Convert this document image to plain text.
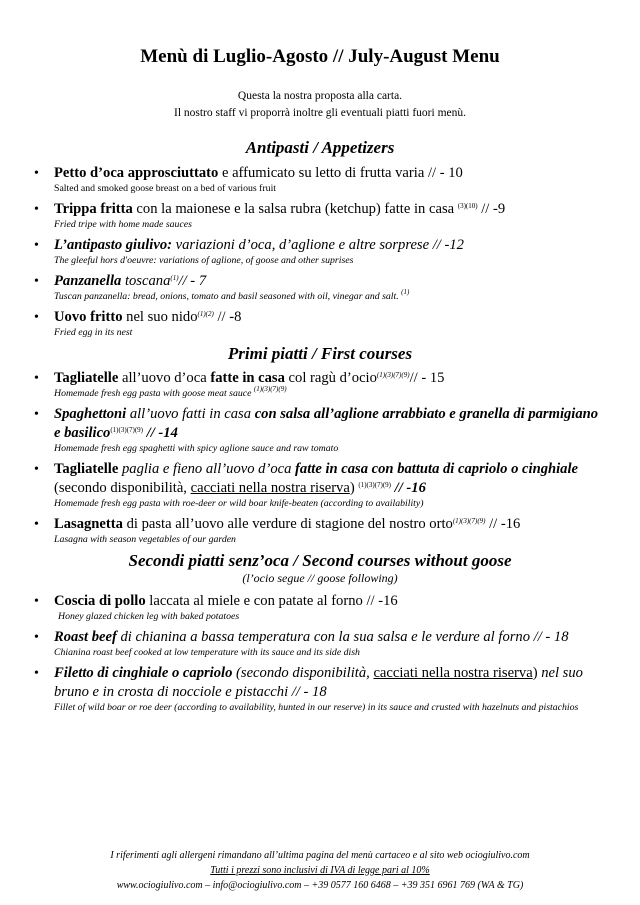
Menù di Luglio-Agosto // July-August Menu
Questa la nostra proposta alla carta.
Il nostro staff vi proporrà inoltre gli eventuali piatti fuori menù.
Antipasti / Appetizers
• Petto d’oca approsciuttato e affumicato su letto di frutta varia // - 10
Salted and smoked goose breast on a bed of various fruit
• Trippa fritta con la maionese e la salsa rubra (ketchup) fatte in casa $^{(3)(10)}$ // -9
Fried tripe with home made sauces
• L’antipasto giulivo: variazioni d’oca, d’aglione e altre sorprese // -12
The gleeful hors d'oeuvre: variations of aglione, of goose and other suprises
• Panzanella toscana$^{(1)}$// - 7
Tuscan panzanella: bread, onions, tomato and basil seasoned with oil, vinegar and salt. $^{(1)}$
• Uovo fritto nel suo nido$^{(1)(2)}$ // -8
Fried egg in its nest
Primi piatti / First courses
• Tagliatelle all’uovo d’oca fatte in casa col ragù d’ocio$^{(1)(3)(7)(9)}$// - 15
Homemade fresh egg pasta with goose meat sauce $^{(1)(3)(7)(9)}$
• Spaghettoni all’uovo fatti in casa con salsa all’aglione arrabbiato e granella di parmigiano e basilico$^{(1)(3)(7)(9)}$ // -14
Homemade fresh egg spaghetti with spicy aglione sauce and raw tomato
• Tagliatelle paglia e fieno all’uovo d’oca fatte in casa con battuta di capriolo o cinghiale (secondo disponibilità, cacciati nella nostra riserva) $^{(1)(3)(7)(9)}$ // -16
Homemade fresh egg pasta with roe-deer or wild boar knife-beaten (according to availability)
• Lasagnetta di pasta all’uovo alle verdure di stagione del nostro orto$^{(1)(3)(7)(9)}$ // -16
Lasagna with season vegetables of our garden
Secondi piatti senz’oca / Second courses without goose
(l’ocio segue // goose following)
• Coscia di pollo laccata al miele e con patate al forno // -16
Honey glazed chicken leg with baked potatoes
• Roast beef di chianina a bassa temperatura con la sua salsa e le verdure al forno // - 18
Chianina roast beef cooked at low temperature with its sauce and its side dish
• Filetto di cinghiale o capriolo (secondo disponibilità, cacciati nella nostra riserva) nel suo bruno e in crosta di nocciole e pistacchi // - 18
Fillet of wild boar or roe deer (according to availability, hunted in our reserve) in its sauce and crusted with hazelnuts and pistachios
I riferimenti agli allergeni rimandano all’ultima pagina del menù cartaceo e al sito web ociogiulivo.com
Tutti i prezzi sono inclusivi di IVA di legge pari al 10%
www.ociogiulivo.com – info@ociogiulivo.com – +39 0577 160 6468 – +39 351 6961 769 (WA & TG)
